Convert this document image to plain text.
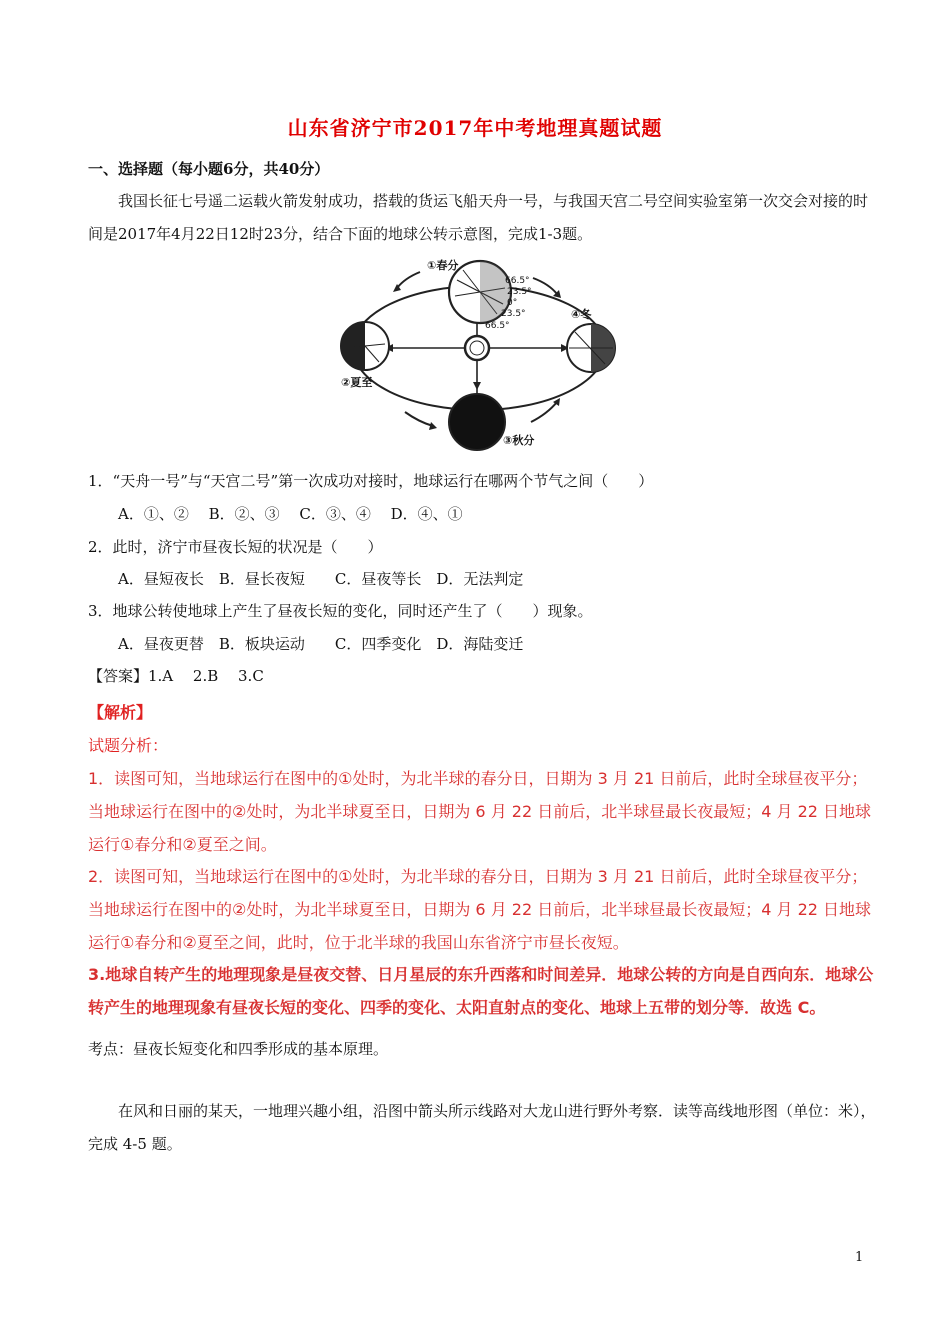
山东省济宁市2017年中考地理真题试题
一、选择题（每小题6分，共40分）
我国长征七号遥二运载火箭发射成功，搭载的货运飞船天舟一号，与我国天宫二号空间实验室第一次交会对接的时间是2017年4月22日12时23分，结合下面的地球公转示意图，完成1-3题。
①春分
66.5°
23.5°
0°
23.5°
66.5°
②夏至
④冬
③秋分
1．“天舟一号”与“天宫二号”第一次成功对接时，地球运行在哪两个节气之间（　　）
A．①、②　 B．②、③　 C．③、④　 D．④、①
2．此时，济宁市昼夜长短的状况是（　　）
A．昼短夜长　B．昼长夜短　　C．昼夜等长　D．无法判定
3．地球公转使地球上产生了昼夜长短的变化，同时还产生了（　　）现象。
A．昼夜更替　B．板块运动　　C．四季变化　D．海陆变迁
【答案】1.A　 2.B　 3.C
【解析】
试题分析：
1．读图可知，当地球运行在图中的①处时，为北半球的春分日，日期为 3 月 21 日前后，此时全球昼夜平分；当地球运行在图中的②处时，为北半球夏至日，日期为 6 月 22 日前后，北半球昼最长夜最短；4 月 22 日地球运行①春分和②夏至之间。
2．读图可知，当地球运行在图中的①处时，为北半球的春分日，日期为 3 月 21 日前后，此时全球昼夜平分；当地球运行在图中的②处时，为北半球夏至日，日期为 6 月 22 日前后，北半球昼最长夜最短；4 月 22 日地球运行①春分和②夏至之间，此时，位于北半球的我国山东省济宁市昼长夜短。
3.地球自转产生的地理现象是昼夜交替、日月星辰的东升西落和时间差异．地球公转的方向是自西向东．地球公转产生的地理现象有昼夜长短的变化、四季的变化、太阳直射点的变化、地球上五带的划分等．故选 C。
考点：昼夜长短变化和四季形成的基本原理。
在风和日丽的某天，一地理兴趣小组，沿图中箭头所示线路对大龙山进行野外考察．读等高线地形图（单位：米），完成 4-5 题。
1
